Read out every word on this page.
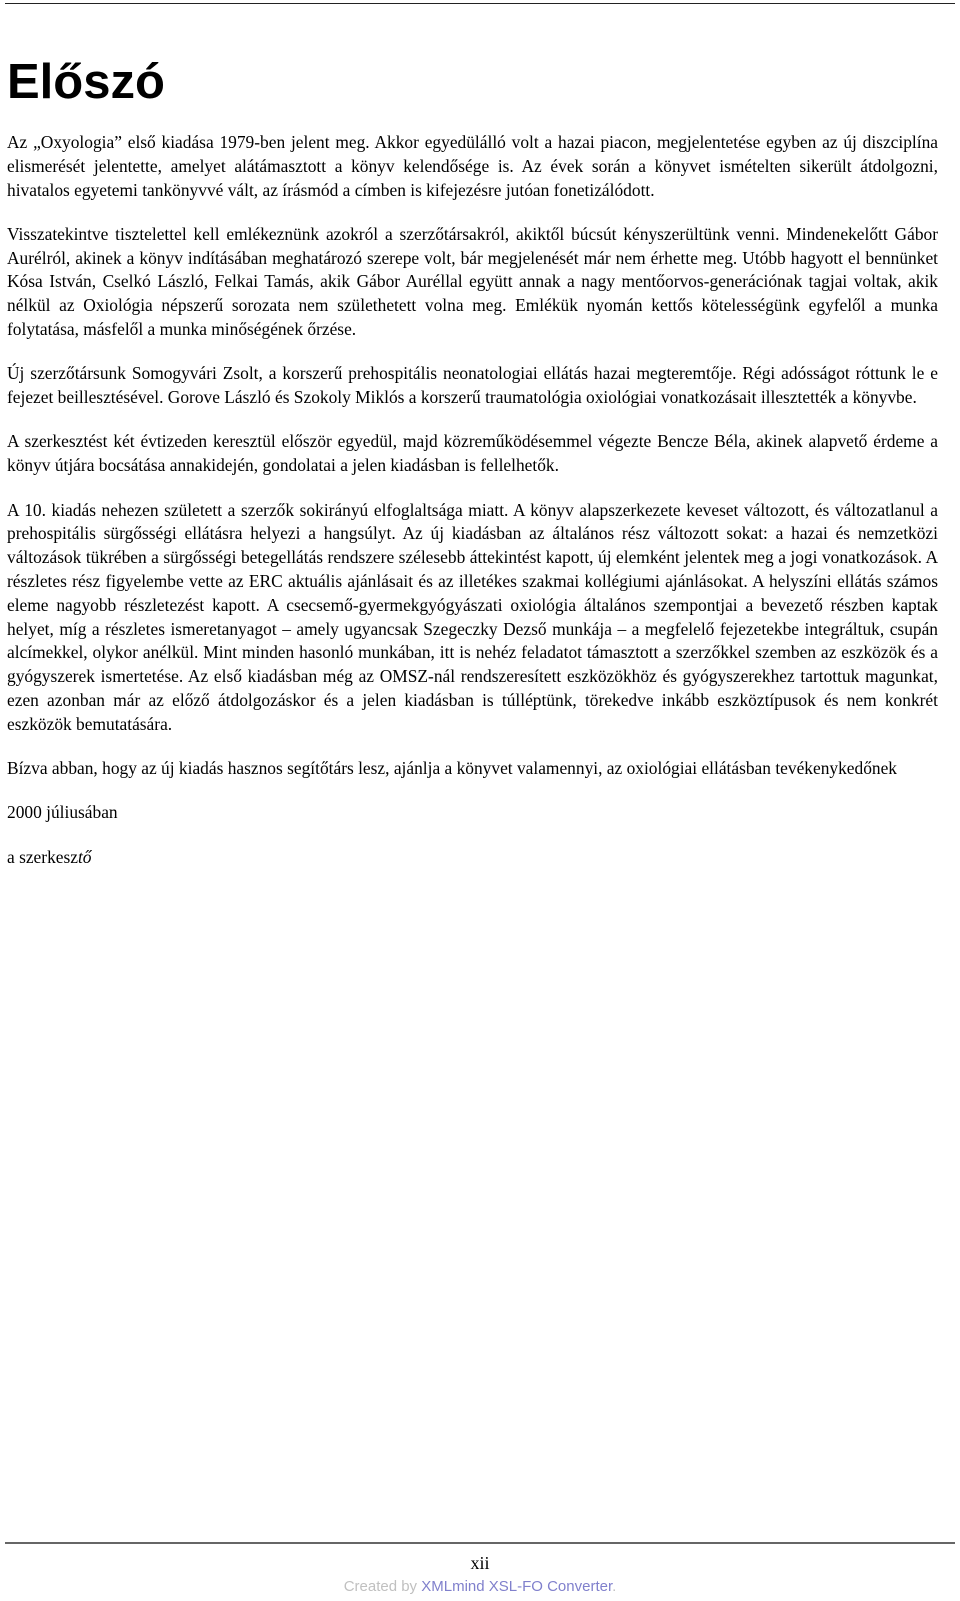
Előszó

Az „Oxyologia” első kiadása 1979-ben jelent meg. Akkor egyedülálló volt a hazai piacon, megjelentetése egyben az új diszciplína elismerését jelentette, amelyet alátámasztott a könyv kelendősége is. Az évek során a könyvet ismételten sikerült átdolgozni, hivatalos egyetemi tankönyvvé vált, az írásmód a címben is kifejezésre jutóan fonetizálódott.

Visszatekintve tisztelettel kell emlékeznünk azokról a szerzőtársakról, akiktől búcsút kényszerültünk venni. Mindenekelőtt Gábor Aurélról, akinek a könyv indításában meghatározó szerepe volt, bár megjelenését már nem érhette meg. Utóbb hagyott el bennünket Kósa István, Cselkó László, Felkai Tamás, akik Gábor Auréllal együtt annak a nagy mentőorvos-generációnak tagjai voltak, akik nélkül az Oxiológia népszerű sorozata nem születhetett volna meg. Emlékük nyomán kettős kötelességünk egyfelől a munka folytatása, másfelől a munka minőségének őrzése.

Új szerzőtársunk Somogyvári Zsolt, a korszerű prehospitális neonatologiai ellátás hazai megteremtője. Régi adósságot róttunk le e fejezet beillesztésével. Gorove László és Szokoly Miklós a korszerű traumatológia oxiológiai vonatkozásait illesztették a könyvbe.

A szerkesztést két évtizeden keresztül először egyedül, majd közreműködésemmel végezte Bencze Béla, akinek alapvető érdeme a könyv útjára bocsátása annakidején, gondolatai a jelen kiadásban is fellelhetők.

A 10. kiadás nehezen született a szerzők sokirányú elfoglaltsága miatt. A könyv alapszerkezete keveset változott, és változatlanul a prehospitális sürgősségi ellátásra helyezi a hangsúlyt. Az új kiadásban az általános rész változott sokat: a hazai és nemzetközi változások tükrében a sürgősségi betegellátás rendszere szélesebb áttekintést kapott, új elemként jelentek meg a jogi vonatkozások. A részletes rész figyelembe vette az ERC aktuális ajánlásait és az illetékes szakmai kollégiumi ajánlásokat. A helyszíni ellátás számos eleme nagyobb részletezést kapott. A csecsemő-gyermekgyógyászati oxiológia általános szempontjai a bevezető részben kaptak helyet, míg a részletes ismeretanyagot – amely ugyancsak Szegeczky Dezső munkája – a megfelelő fejezetekbe integráltuk, csupán alcímekkel, olykor anélkül. Mint minden hasonló munkában, itt is nehéz feladatot támasztott a szerzőkkel szemben az eszközök és a gyógyszerek ismertetése. Az első kiadásban még az OMSZ-nál rendszeresített eszközökhöz és gyógyszerekhez tartottuk magunkat, ezen azonban már az előző átdolgozáskor és a jelen kiadásban is túlléptünk, törekedve inkább eszköztípusok és nem konkrét eszközök bemutatására.

Bízva abban, hogy az új kiadás hasznos segítőtárs lesz, ajánlja a könyvet valamennyi, az oxiológiai ellátásban tevékenykedőnek

2000 júliusában

a szerkesztő

xii
Created by XMLmind XSL-FO Converter.
